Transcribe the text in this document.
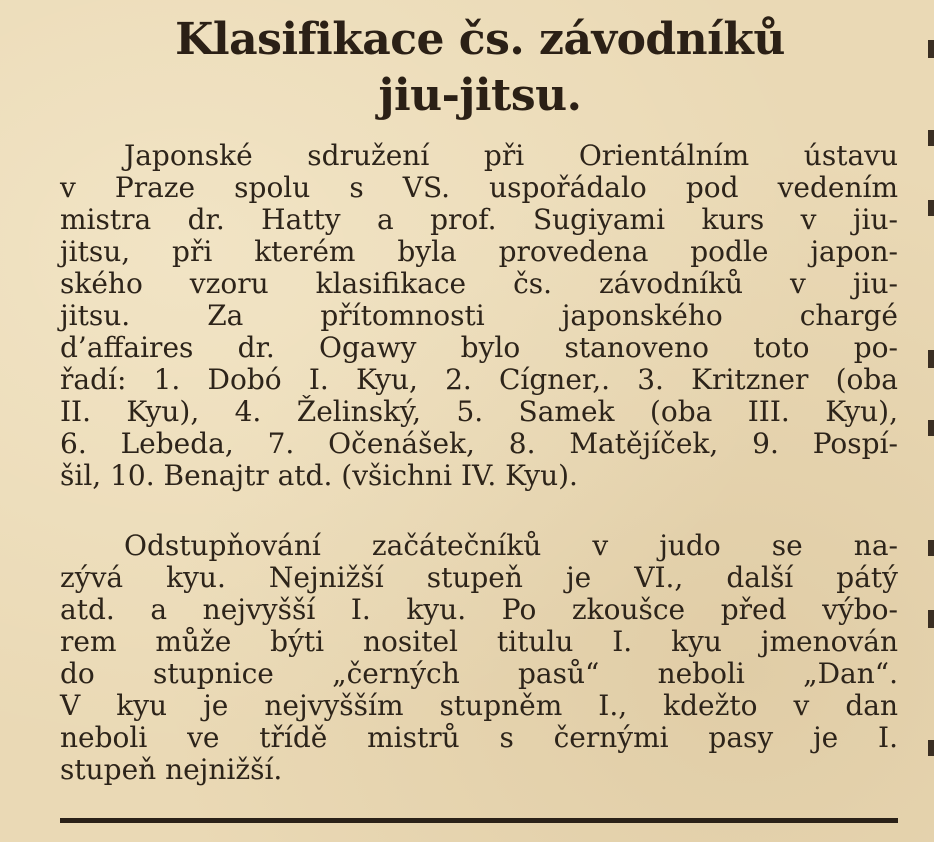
Klasifikace čs. závodníků
jiu-jitsu.
Japonské sdružení při Orientálním ústavu
v Praze spolu s VS. uspořádalo pod vedením
mistra dr. Hatty a prof. Sugiyami kurs v jiu-
jitsu, při kterém byla provedena podle japon-
ského vzoru klasifikace čs. závodníků v jiu-
jitsu. Za přítomnosti japonského chargé
d’affaires dr. Ogawy bylo stanoveno toto po-
řadí: 1. Dobó I. Kyu, 2. Cígner,. 3. Kritzner (oba
II. Kyu), 4. Želinský, 5. Samek (oba III. Kyu),
6. Lebeda, 7. Očenášek, 8. Matějíček, 9. Pospí-
šil, 10. Benajtr atd. (všichni IV. Kyu).
Odstupňování začátečníků v judo se na-
zývá kyu. Nejnižší stupeň je VI., další pátý
atd. a nejvyšší I. kyu. Po zkoušce před výbo-
rem může býti nositel titulu I. kyu jmenován
do stupnice „černých pasů“ neboli „Dan“.
V kyu je nejvyšším stupněm I., kdežto v dan
neboli ve třídě mistrů s černými pasy je I.
stupeň nejnižší.
